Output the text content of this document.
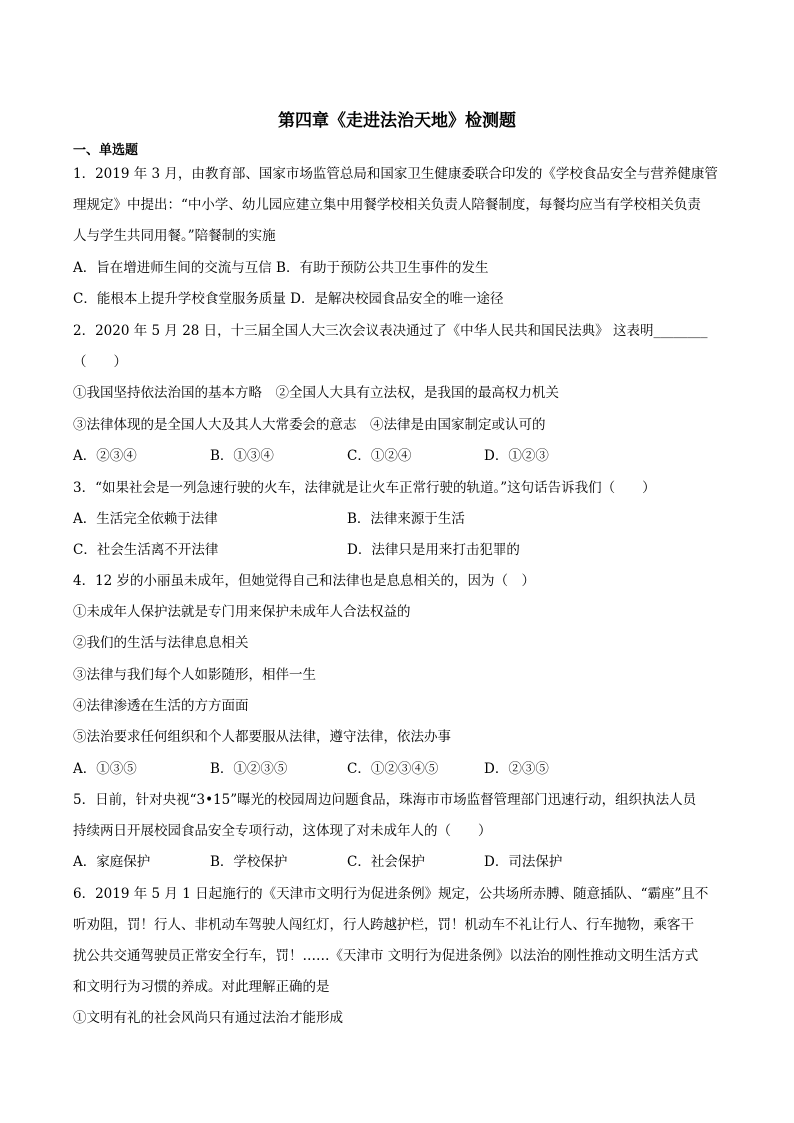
第四章《走进法治天地》检测题
一、单选题
1．2019 年 3 月，由教育部、国家市场监管总局和国家卫生健康委联合印发的《学校食品安全与营养健康管
理规定》中提出：“中小学、幼儿园应建立集中用餐学校相关负责人陪餐制度，每餐均应当有学校相关负责
人与学生共同用餐。”陪餐制的实施
A．旨在增进师生间的交流与互信 B．有助于预防公共卫生事件的发生
C．能根本上提升学校食堂服务质量 D．是解决校园食品安全的唯一途径
2．2020 年 5 月 28 日，十三届全国人大三次会议表决通过了《中华人民共和国民法典》 这表明________
（　　）
①我国坚持依法治国的基本方略　②全国人大具有立法权，是我国的最高权力机关
③法律体现的是全国人大及其人大常委会的意志　④法律是由国家制定或认可的
A．②③④	B．①③④	C．①②④	D．①②③
3．“如果社会是一列急速行驶的火车，法律就是让火车正常行驶的轨道。”这句话告诉我们（　　）
A．生活完全依赖于法律	B．法律来源于生活
C．社会生活离不开法律	D．法律只是用来打击犯罪的
4．12 岁的小丽虽未成年，但她觉得自己和法律也是息息相关的，因为（　）
①未成年人保护法就是专门用来保护未成年人合法权益的
②我们的生活与法律息息相关
③法律与我们每个人如影随形，相伴一生
④法律渗透在生活的方方面面
⑤法治要求任何组织和个人都要服从法律，遵守法律，依法办事
A．①③⑤	B．①②③⑤	C．①②③④⑤	D．②③⑤
5．日前，针对央视“3•15”曝光的校园周边问题食品，珠海市市场监督管理部门迅速行动，组织执法人员
持续两日开展校园食品安全专项行动，这体现了对未成年人的（　　）
A．家庭保护	B．学校保护	C．社会保护	D．司法保护
6．2019 年 5 月 1 日起施行的《天津市文明行为促进条例》规定，公共场所赤膊、随意插队、“霸座”且不
听劝阻，罚！行人、非机动车驾驶人闯红灯，行人跨越护栏，罚！机动车不礼让行人、行车抛物，乘客干
扰公共交通驾驶员正常安全行车，罚！……《天津市 文明行为促进条例》以法治的刚性推动文明生活方式
和文明行为习惯的养成。对此理解正确的是
①文明有礼的社会风尚只有通过法治才能形成
